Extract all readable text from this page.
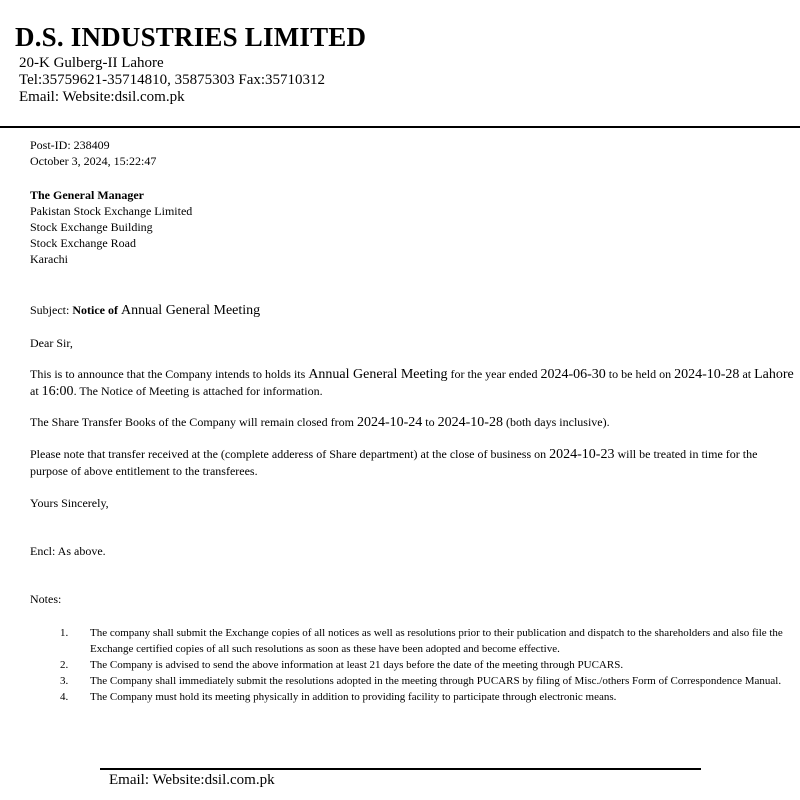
D.S. INDUSTRIES LIMITED
20-K Gulberg-II Lahore
Tel:35759621-35714810, 35875303 Fax:35710312
Email: Website:dsil.com.pk
Post-ID: 238409
October 3, 2024, 15:22:47
The General Manager
Pakistan Stock Exchange Limited
Stock Exchange Building
Stock Exchange Road
Karachi
Subject: Notice of Annual General Meeting
Dear Sir,
This is to announce that the Company intends to holds its Annual General Meeting for the year ended 2024-06-30 to be held on 2024-10-28 at Lahore at 16:00. The Notice of Meeting is attached for information.
The Share Transfer Books of the Company will remain closed from 2024-10-24 to 2024-10-28 (both days inclusive).
Please note that transfer received at the (complete adderess of Share department) at the close of business on 2024-10-23 will be treated in time for the purpose of above entitlement to the transferees.
Yours Sincerely,
Encl: As above.
Notes:
1.	The company shall submit the Exchange copies of all notices as well as resolutions prior to their publication and dispatch to the shareholders and also file the Exchange certified copies of all such resolutions as soon as these have been adopted and become effective.
2.	The Company is advised to send the above information at least 21 days before the date of the meeting through PUCARS.
3.	The Company shall immediately submit the resolutions adopted in the meeting through PUCARS by filing of Misc./others Form of Correspondence Manual.
4.	The Company must hold its meeting physically in addition to providing facility to participate through electronic means.
Email: Website:dsil.com.pk
